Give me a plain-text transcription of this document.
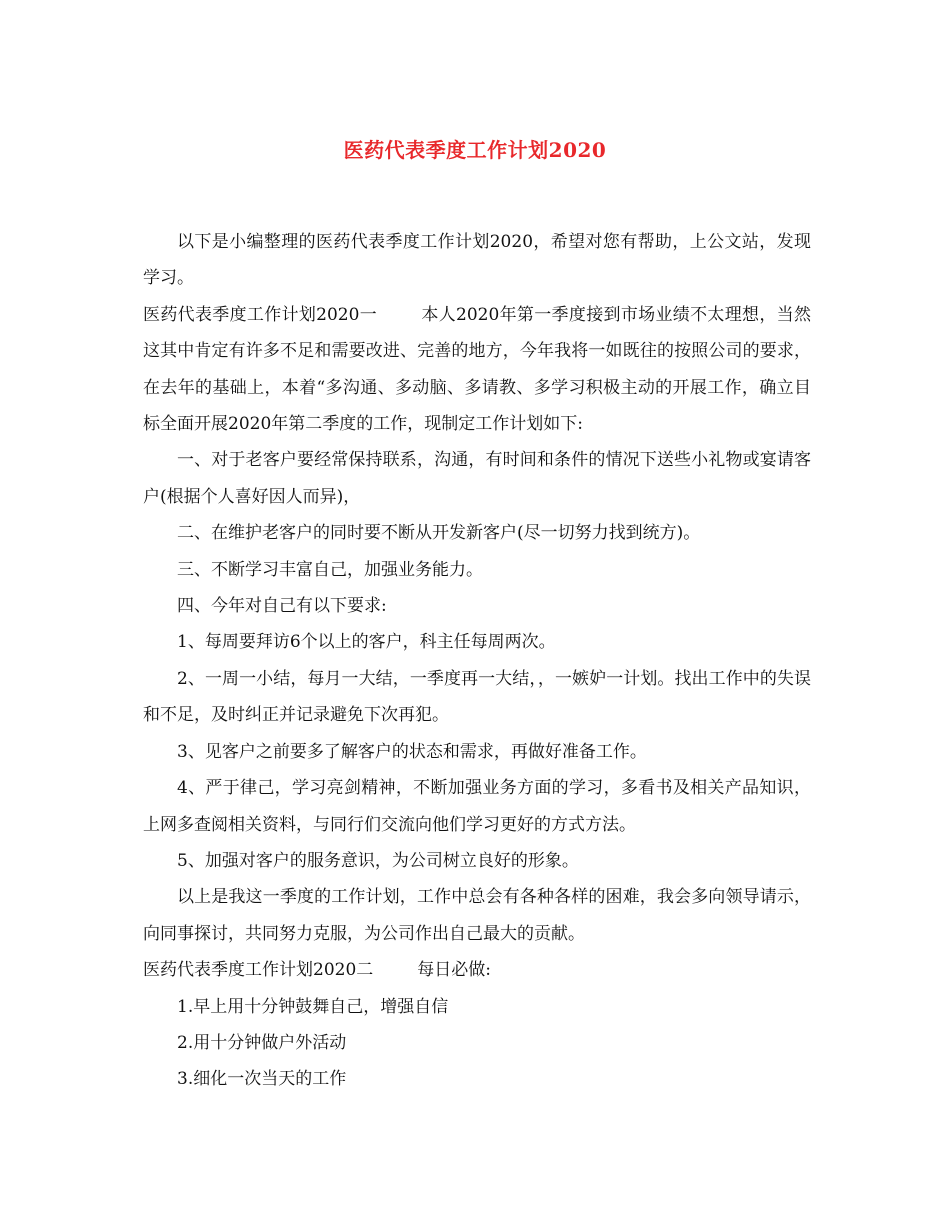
医药代表季度工作计划2020

以下是小编整理的医药代表季度工作计划2020，希望对您有帮助，上公文站，发现学习。

医药代表季度工作计划2020一	本人2020年第一季度接到市场业绩不太理想，当然这其中肯定有许多不足和需要改进、完善的地方，今年我将一如既往的按照公司的要求，在去年的基础上，本着“多沟通、多动脑、多请教、多学习积极主动的开展工作，确立目标全面开展2020年第二季度的工作，现制定工作计划如下:

一、对于老客户要经常保持联系，沟通，有时间和条件的情况下送些小礼物或宴请客户(根据个人喜好因人而异)，

二、在维护老客户的同时要不断从开发新客户(尽一切努力找到统方)。

三、不断学习丰富自己，加强业务能力。

四、今年对自己有以下要求:

1、每周要拜访6个以上的客户，科主任每周两次。

2、一周一小结，每月一大结，一季度再一大结，，一嫉妒一计划。找出工作中的失误和不足，及时纠正并记录避免下次再犯。

3、见客户之前要多了解客户的状态和需求，再做好准备工作。

4、严于律己，学习亮剑精神，不断加强业务方面的学习，多看书及相关产品知识，上网多查阅相关资料，与同行们交流向他们学习更好的方式方法。

5、加强对客户的服务意识，为公司树立良好的形象。

以上是我这一季度的工作计划，工作中总会有各种各样的困难，我会多向领导请示，向同事探讨，共同努力克服，为公司作出自己最大的贡献。

医药代表季度工作计划2020二	每日必做:

1.早上用十分钟鼓舞自己，增强自信

2.用十分钟做户外活动

3.细化一次当天的工作
